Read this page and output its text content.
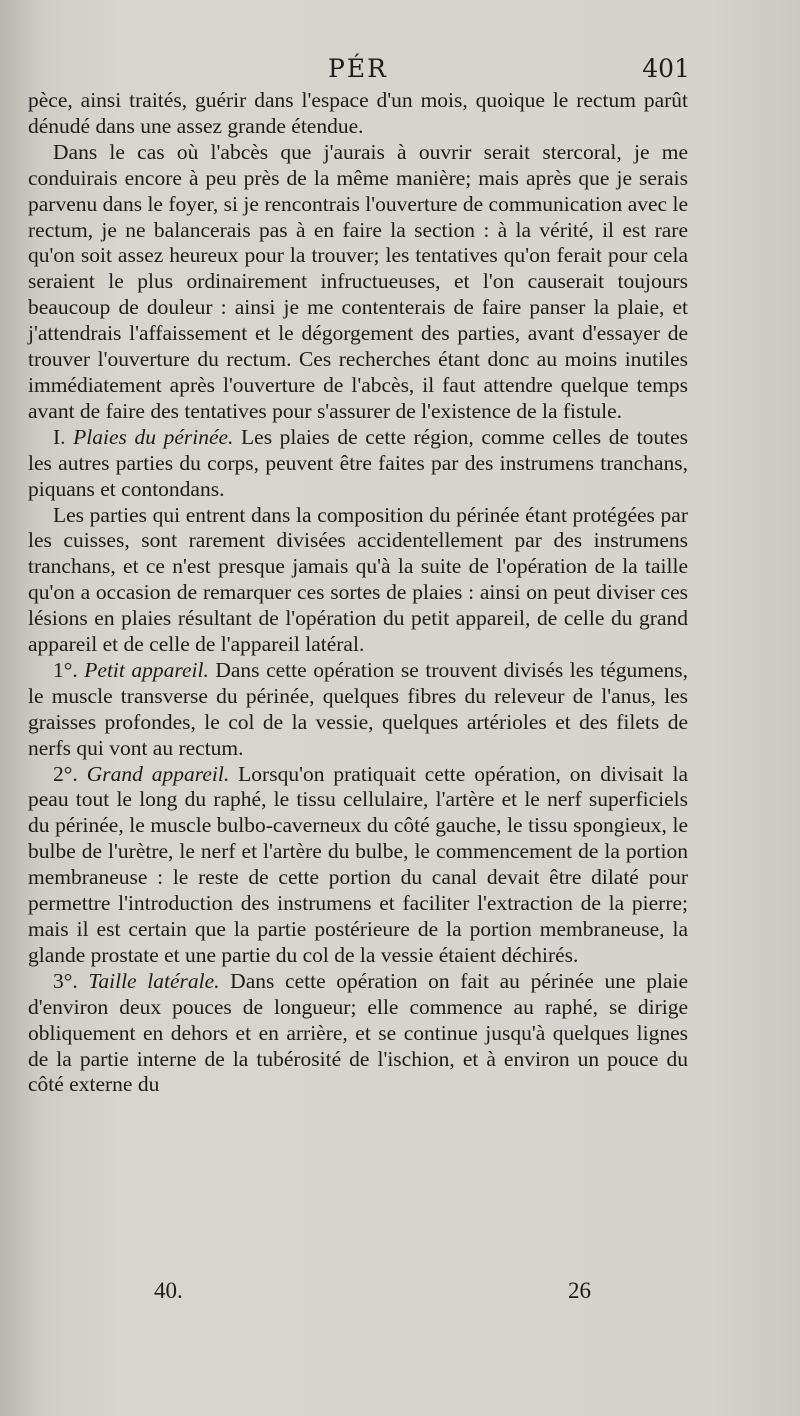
PÉR	401

pèce, ainsi traités, guérir dans l'espace d'un mois, quoique le rectum parût dénudé dans une assez grande étendue.

Dans le cas où l'abcès que j'aurais à ouvrir serait stercoral, je me conduirais encore à peu près de la même manière; mais après que je serais parvenu dans le foyer, si je rencontrais l'ouverture de communication avec le rectum, je ne balancerais pas à en faire la section : à la vérité, il est rare qu'on soit assez heureux pour la trouver; les tentatives qu'on ferait pour cela seraient le plus ordinairement infructueuses, et l'on causerait toujours beaucoup de douleur : ainsi je me contenterais de faire panser la plaie, et j'attendrais l'affaissement et le dégorgement des parties, avant d'essayer de trouver l'ouverture du rectum. Ces recherches étant donc au moins inutiles immédiatement après l'ouverture de l'abcès, il faut attendre quelque temps avant de faire des tentatives pour s'assurer de l'existence de la fistule.

I. Plaies du périnée. Les plaies de cette région, comme celles de toutes les autres parties du corps, peuvent être faites par des instrumens tranchans, piquans et contondans.

Les parties qui entrent dans la composition du périnée étant protégées par les cuisses, sont rarement divisées accidentellement par des instrumens tranchans, et ce n'est presque jamais qu'à la suite de l'opération de la taille qu'on a occasion de remarquer ces sortes de plaies : ainsi on peut diviser ces lésions en plaies résultant de l'opération du petit appareil, de celle du grand appareil et de celle de l'appareil latéral.

1°. Petit appareil. Dans cette opération se trouvent divisés les tégumens, le muscle transverse du périnée, quelques fibres du releveur de l'anus, les graisses profondes, le col de la vessie, quelques artérioles et des filets de nerfs qui vont au rectum.

2°. Grand appareil. Lorsqu'on pratiquait cette opération, on divisait la peau tout le long du raphé, le tissu cellulaire, l'artère et le nerf superficiels du périnée, le muscle bulbo-caverneux du côté gauche, le tissu spongieux, le bulbe de l'urètre, le nerf et l'artère du bulbe, le commencement de la portion membraneuse : le reste de cette portion du canal devait être dilaté pour permettre l'introduction des instrumens et faciliter l'extraction de la pierre; mais il est certain que la partie postérieure de la portion membraneuse, la glande prostate et une partie du col de la vessie étaient déchirés.

3°. Taille latérale. Dans cette opération on fait au périnée une plaie d'environ deux pouces de longueur; elle commence au raphé, se dirige obliquement en dehors et en arrière, et se continue jusqu'à quelques lignes de la partie interne de la tubérosité de l'ischion, et à environ un pouce du côté externe du

40.	26
